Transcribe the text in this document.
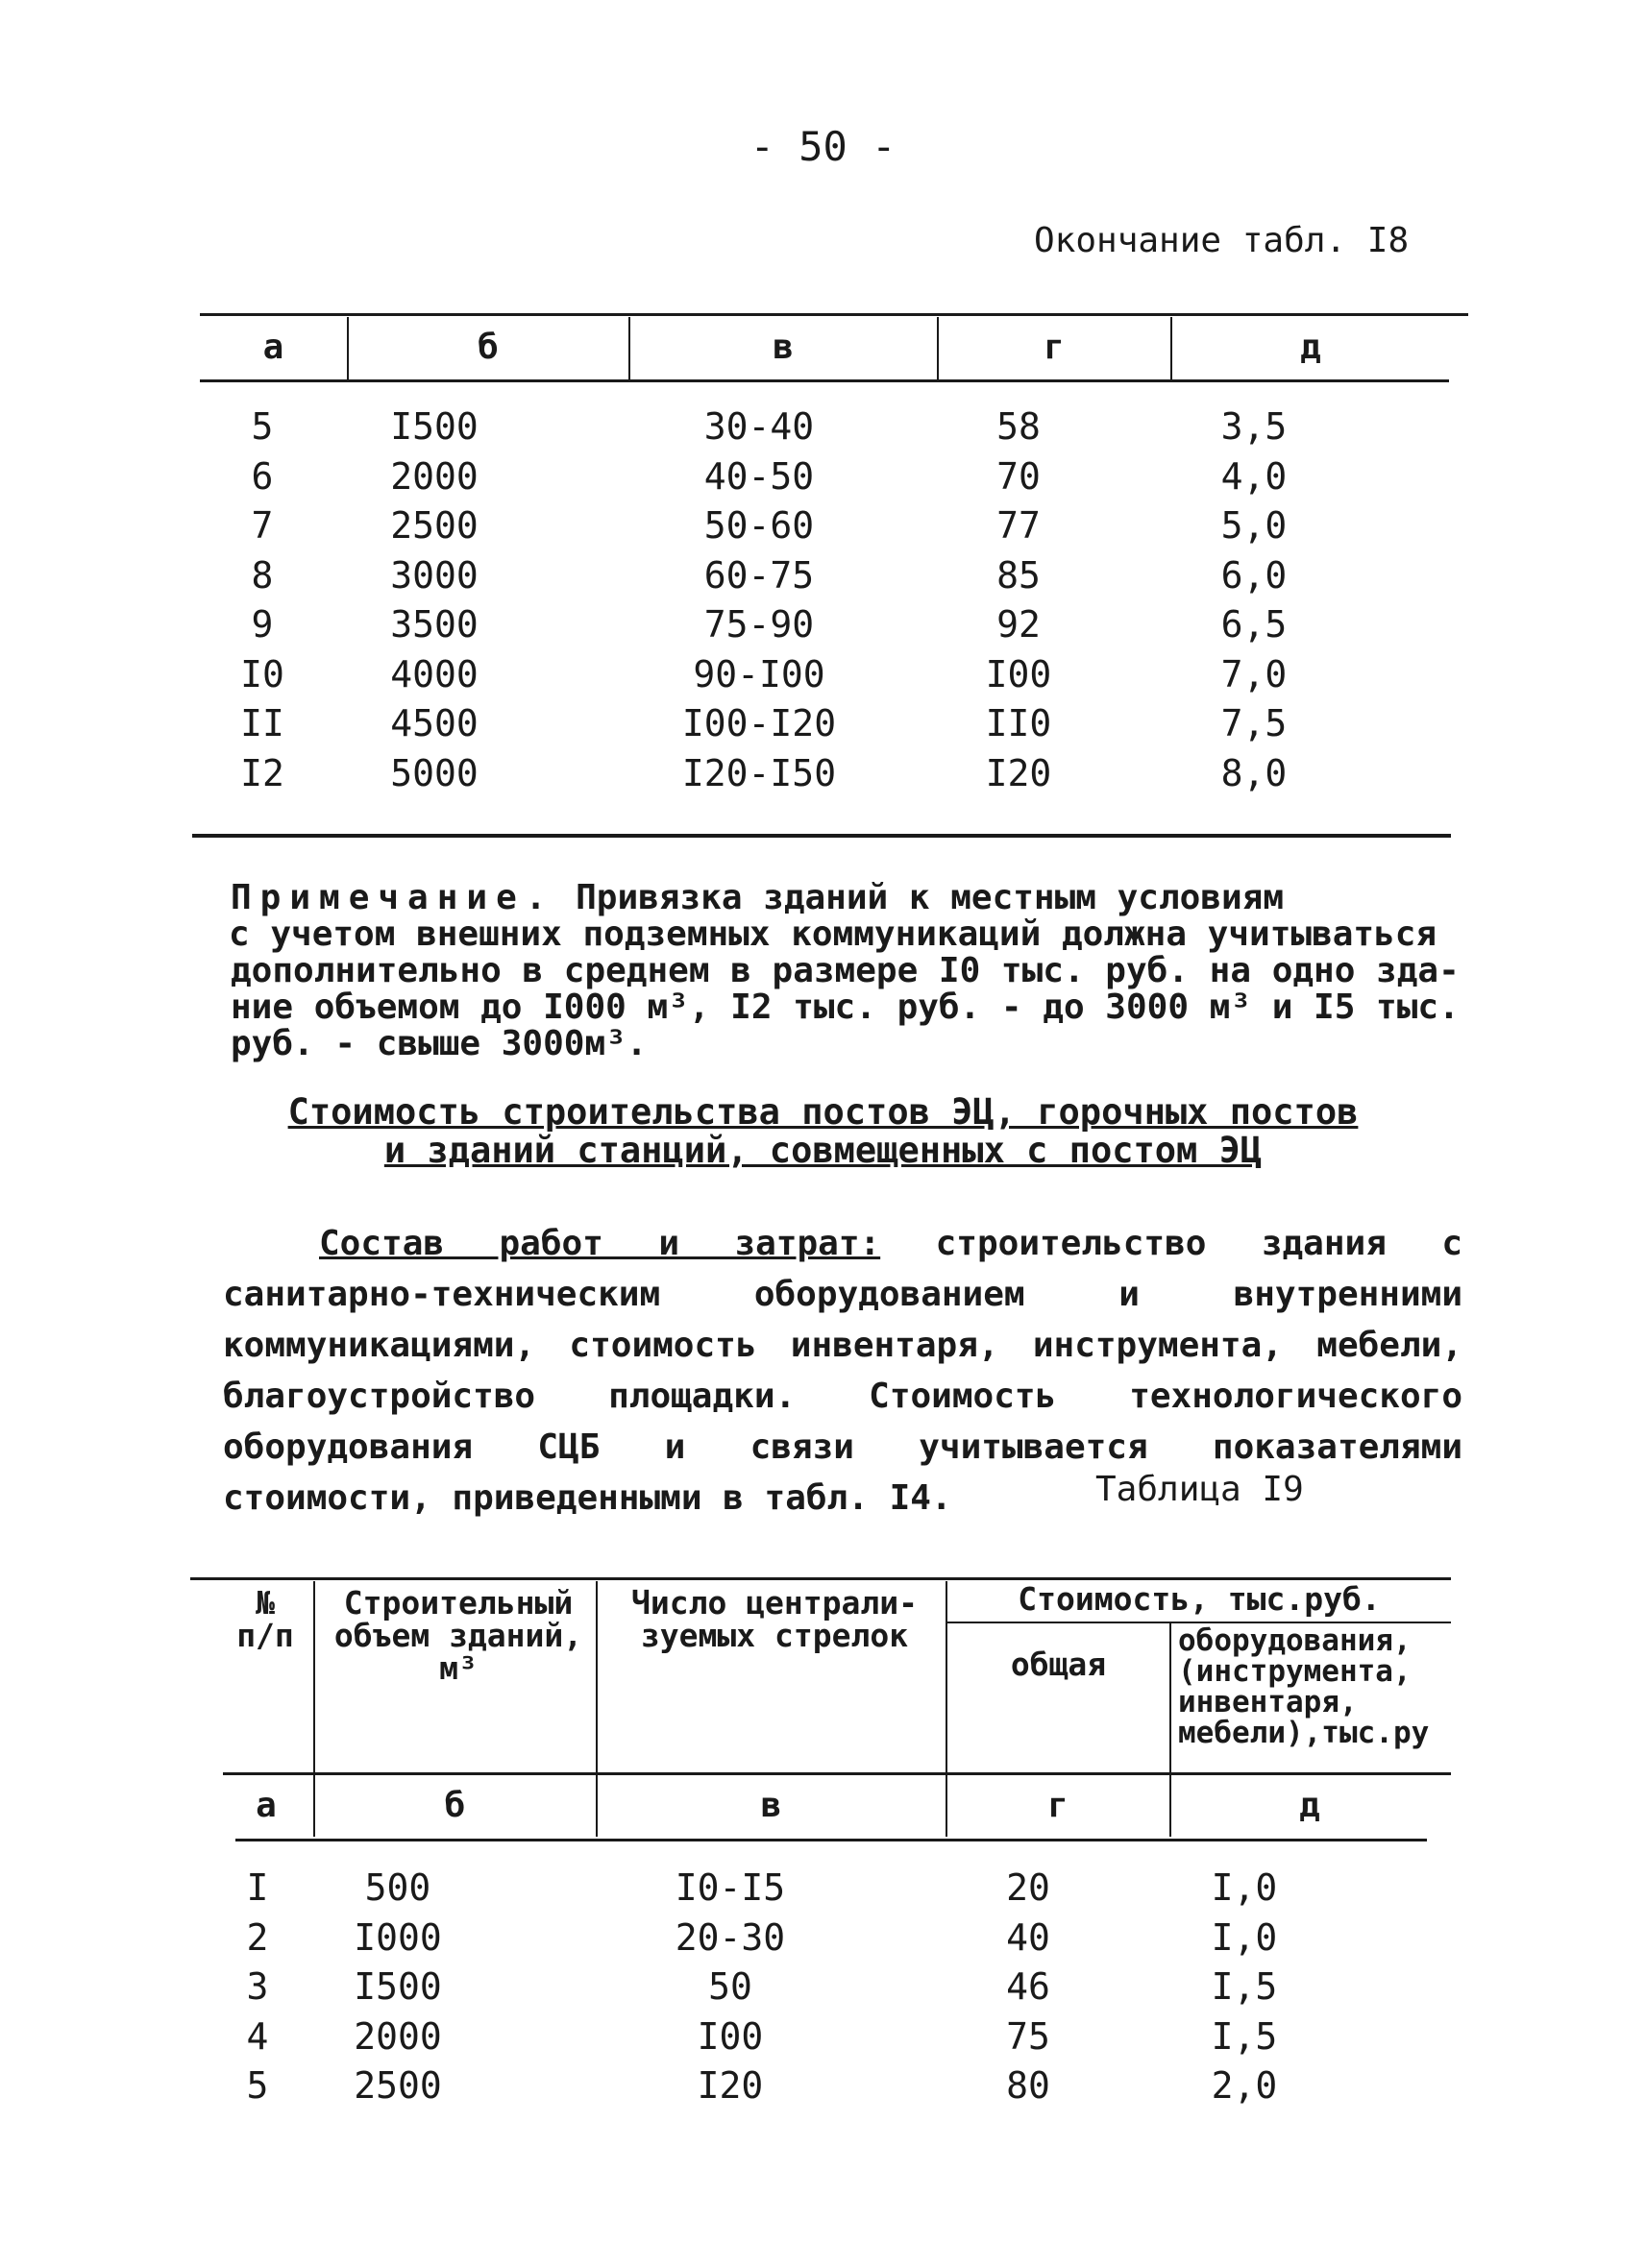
- 50 -
Окончание табл. I8
а	б	в	г	д
5	I500	30-40	58	3,5
6	2000	40-50	70	4,0
7	2500	50-60	77	5,0
8	3000	60-75	85	6,0
9	3500	75-90	92	6,5
I0	4000	90-I00	I00	7,0
II	4500	I00-I20	II0	7,5
I2	5000	I20-I50	I20	8,0

Примечание. Привязка зданий к местным условиям

с учетом внешних подземных коммуникаций должна учитываться

дополнительно в среднем в размере I0 тыс. руб. на одно зда-

ние объемом до I000 м³, I2 тыс. руб. - до 3000 м³ и I5 тыс.

руб. - свыше 3000м³.

Стоимость строительства постов ЭЦ, горочных постов
и зданий станций, совмещенных с постом ЭЦ
Состав работ и затрат: строительство здания с санитарно-техническим оборудованием и внутренними коммуникациями, стоимость инвентаря, инструмента, мебели, благоустройство площадки. Стоимость технологического оборудования СЦБ и связи учитывается показателями стоимости, приведенными в табл. I4.	Таблица I9
№
п/п
Строительный
объем зданий,
м³
Число централи-
зуемых стрелок
Стоимость, тыс.руб.
общая
оборудования,
(инструмента,
инвентаря,
мебели),тыс.ру
а	б	в	г	д
I	500	I0-I5	20	I,0
2	I000	20-30	40	I,0
3	I500	50	46	I,5
4	2000	I00	75	I,5
5	2500	I20	80	2,0
